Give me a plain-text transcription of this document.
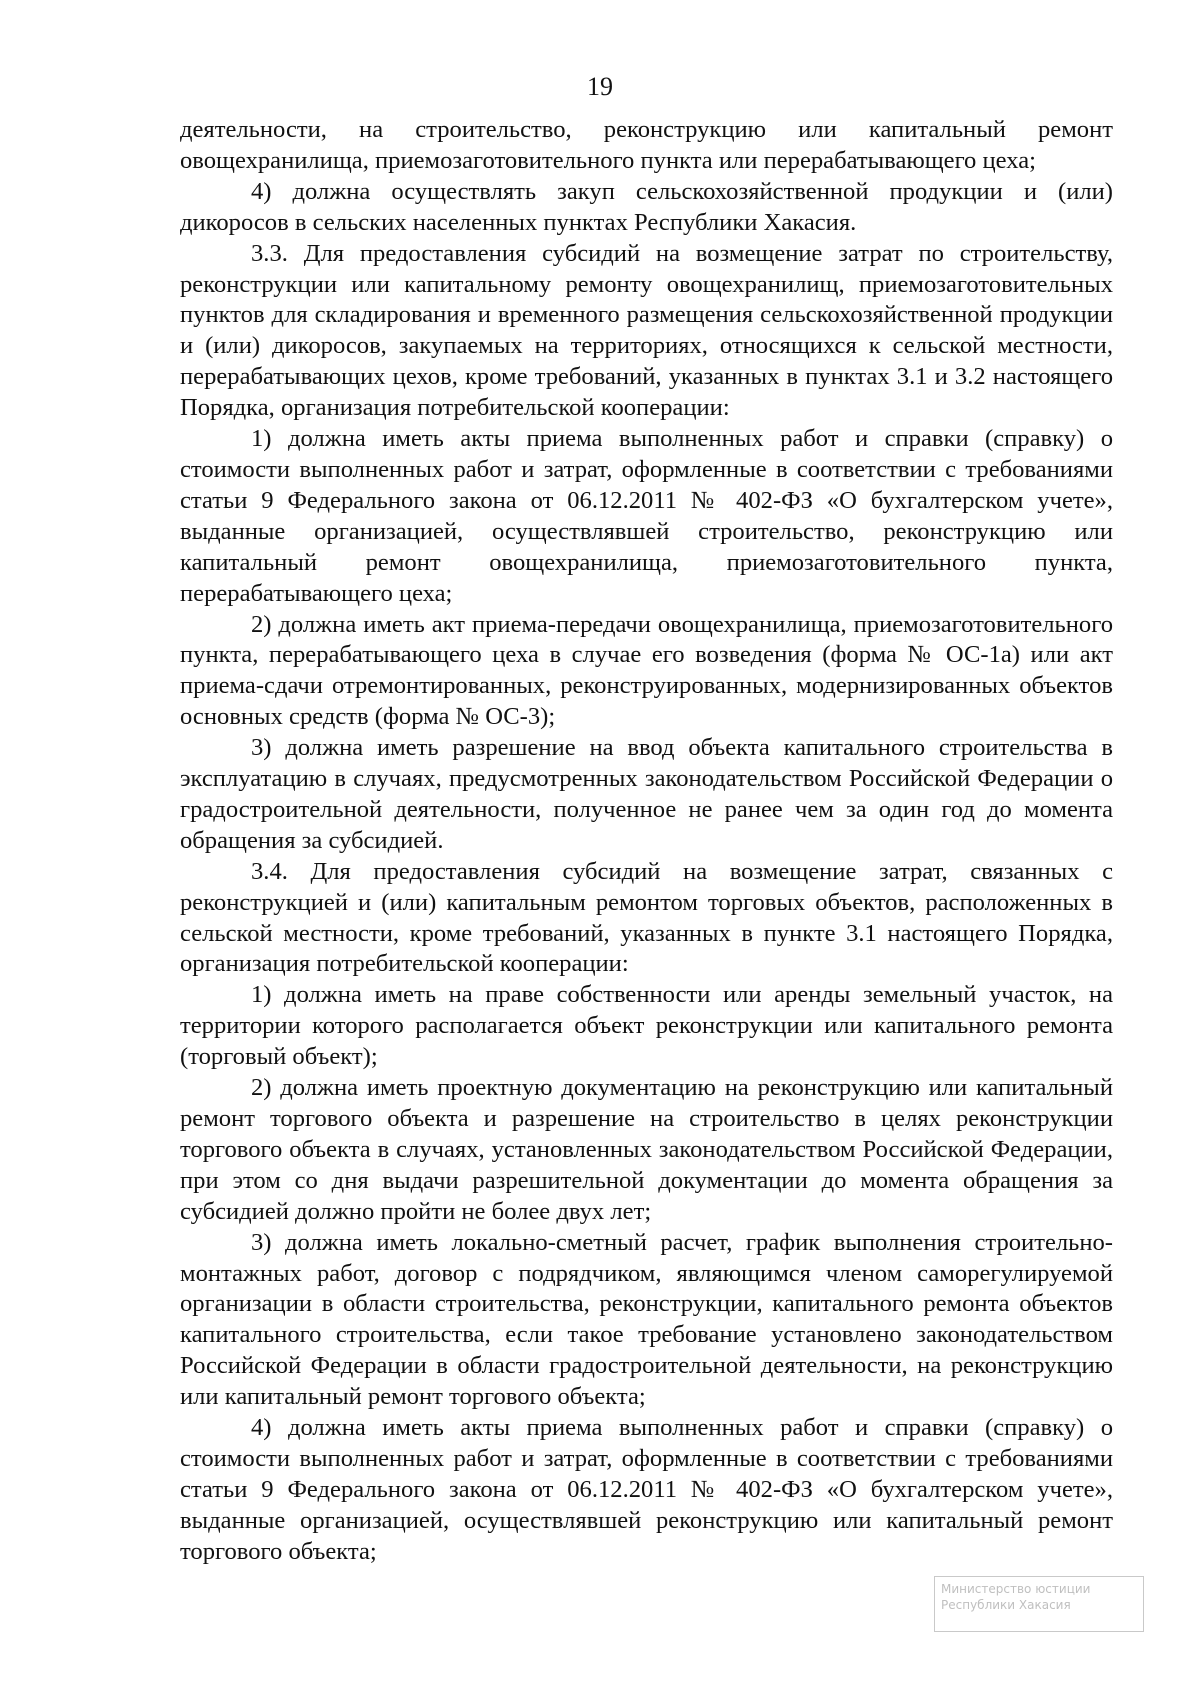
19

деятельности, на строительство, реконструкцию или капитальный ремонт овощехранилища, приемозаготовительного пункта или перерабатывающего цеха;

4) должна осуществлять закуп сельскохозяйственной продукции и (или) дикоросов в сельских населенных пунктах Республики Хакасия.

3.3. Для предоставления субсидий на возмещение затрат по строительству, реконструкции или капитальному ремонту овощехранилищ, приемозаготовительных пунктов для складирования и временного размещения сельскохозяйственной продукции и (или) дикоросов, закупаемых на территориях, относящихся к сельской местности, перерабатывающих цехов, кроме требований, указанных в пунктах 3.1 и 3.2 настоящего Порядка, организация потребительской кооперации:

1) должна иметь акты приема выполненных работ и справки (справку) о стоимости выполненных работ и затрат, оформленные в соответствии с требованиями статьи 9 Федерального закона от 06.12.2011 № 402-ФЗ «О бухгалтерском учете», выданные организацией, осуществлявшей строительство, реконструкцию или капитальный ремонт овощехранилища, приемозаготовительного пункта, перерабатывающего цеха;

2) должна иметь акт приема-передачи овощехранилища, приемозаготовительного пункта, перерабатывающего цеха в случае его возведения (форма № ОС-1а) или акт приема-сдачи отремонтированных, реконструированных, модернизированных объектов основных средств (форма № ОС-3);

3) должна иметь разрешение на ввод объекта капитального строительства в эксплуатацию в случаях, предусмотренных законодательством Российской Федерации о градостроительной деятельности, полученное не ранее чем за один год до момента обращения за субсидией.

3.4. Для предоставления субсидий на возмещение затрат, связанных с реконструкцией и (или) капитальным ремонтом торговых объектов, расположенных в сельской местности, кроме требований, указанных в пункте 3.1 настоящего Порядка, организация потребительской кооперации:

1) должна иметь на праве собственности или аренды земельный участок, на территории которого располагается объект реконструкции или капитального ремонта (торговый объект);

2) должна иметь проектную документацию на реконструкцию или капитальный ремонт торгового объекта и разрешение на строительство в целях реконструкции торгового объекта в случаях, установленных законодательством Российской Федерации, при этом со дня выдачи разрешительной документации до момента обращения за субсидией должно пройти не более двух лет;

3) должна иметь локально-сметный расчет, график выполнения строительно-монтажных работ, договор с подрядчиком, являющимся членом саморегулируемой организации в области строительства, реконструкции, капитального ремонта объектов капитального строительства, если такое требование установлено законодательством Российской Федерации в области градостроительной деятельности, на реконструкцию или капитальный ремонт торгового объекта;

4) должна иметь акты приема выполненных работ и справки (справку) о стоимости выполненных работ и затрат, оформленные в соответствии с требованиями статьи 9 Федерального закона от 06.12.2011 № 402-ФЗ «О бухгалтерском учете», выданные организацией, осуществлявшей реконструкцию или капитальный ремонт торгового объекта;

Министерство юстиции
Республики Хакасия
